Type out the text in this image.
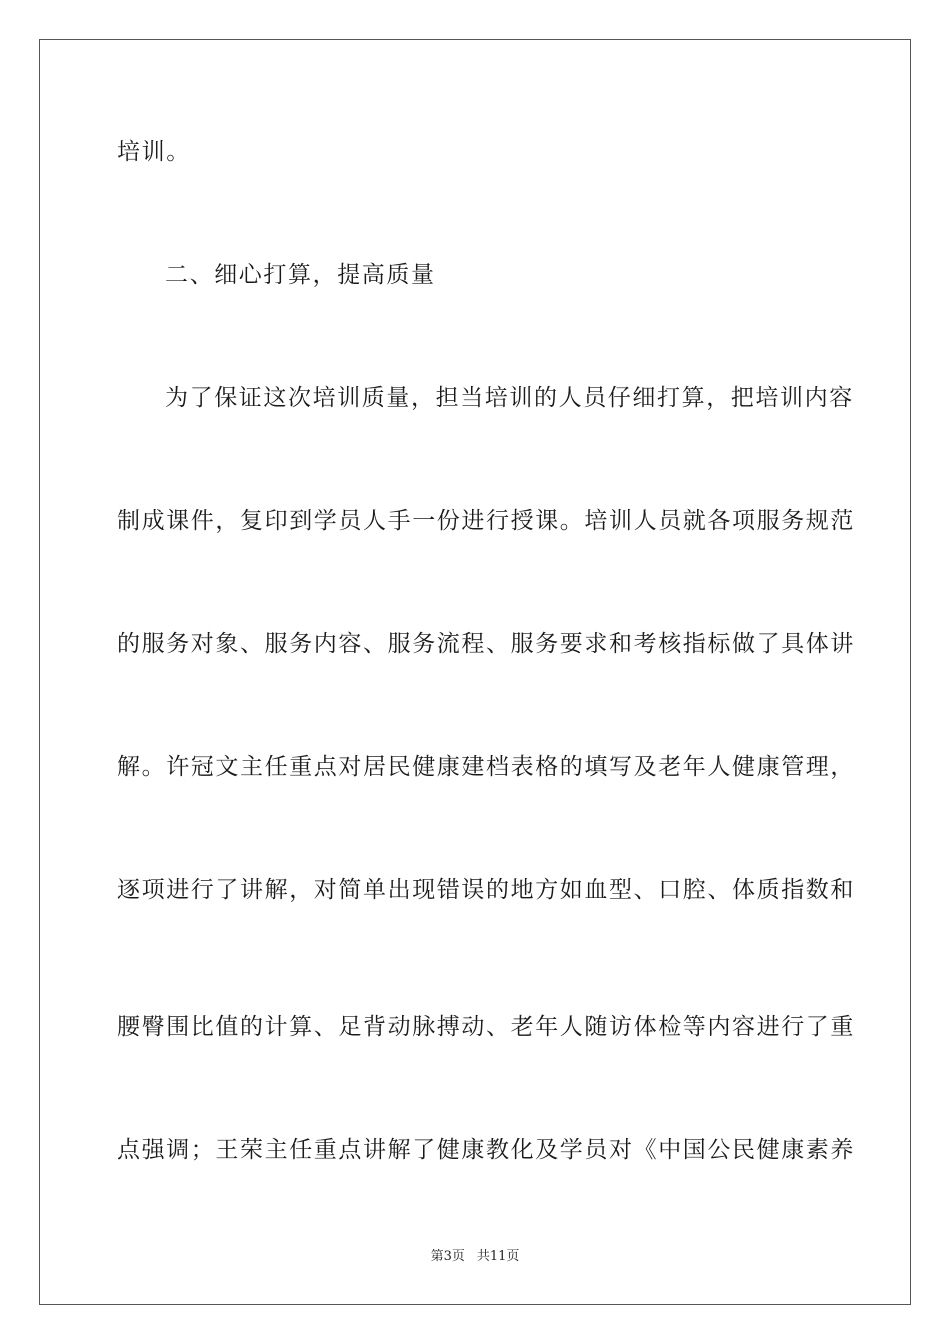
培训。
二、细心打算，提高质量
为了保证这次培训质量，担当培训的人员仔细打算，把培训内容
制成课件，复印到学员人手一份进行授课。培训人员就各项服务规范
的服务对象、服务内容、服务流程、服务要求和考核指标做了具体讲
解。许冠文主任重点对居民健康建档表格的填写及老年人健康管理，
逐项进行了讲解，对简单出现错误的地方如血型、口腔、体质指数和
腰臀围比值的计算、足背动脉搏动、老年人随访体检等内容进行了重
点强调；王荣主任重点讲解了健康教化及学员对《中国公民健康素养
第3页 共11页
